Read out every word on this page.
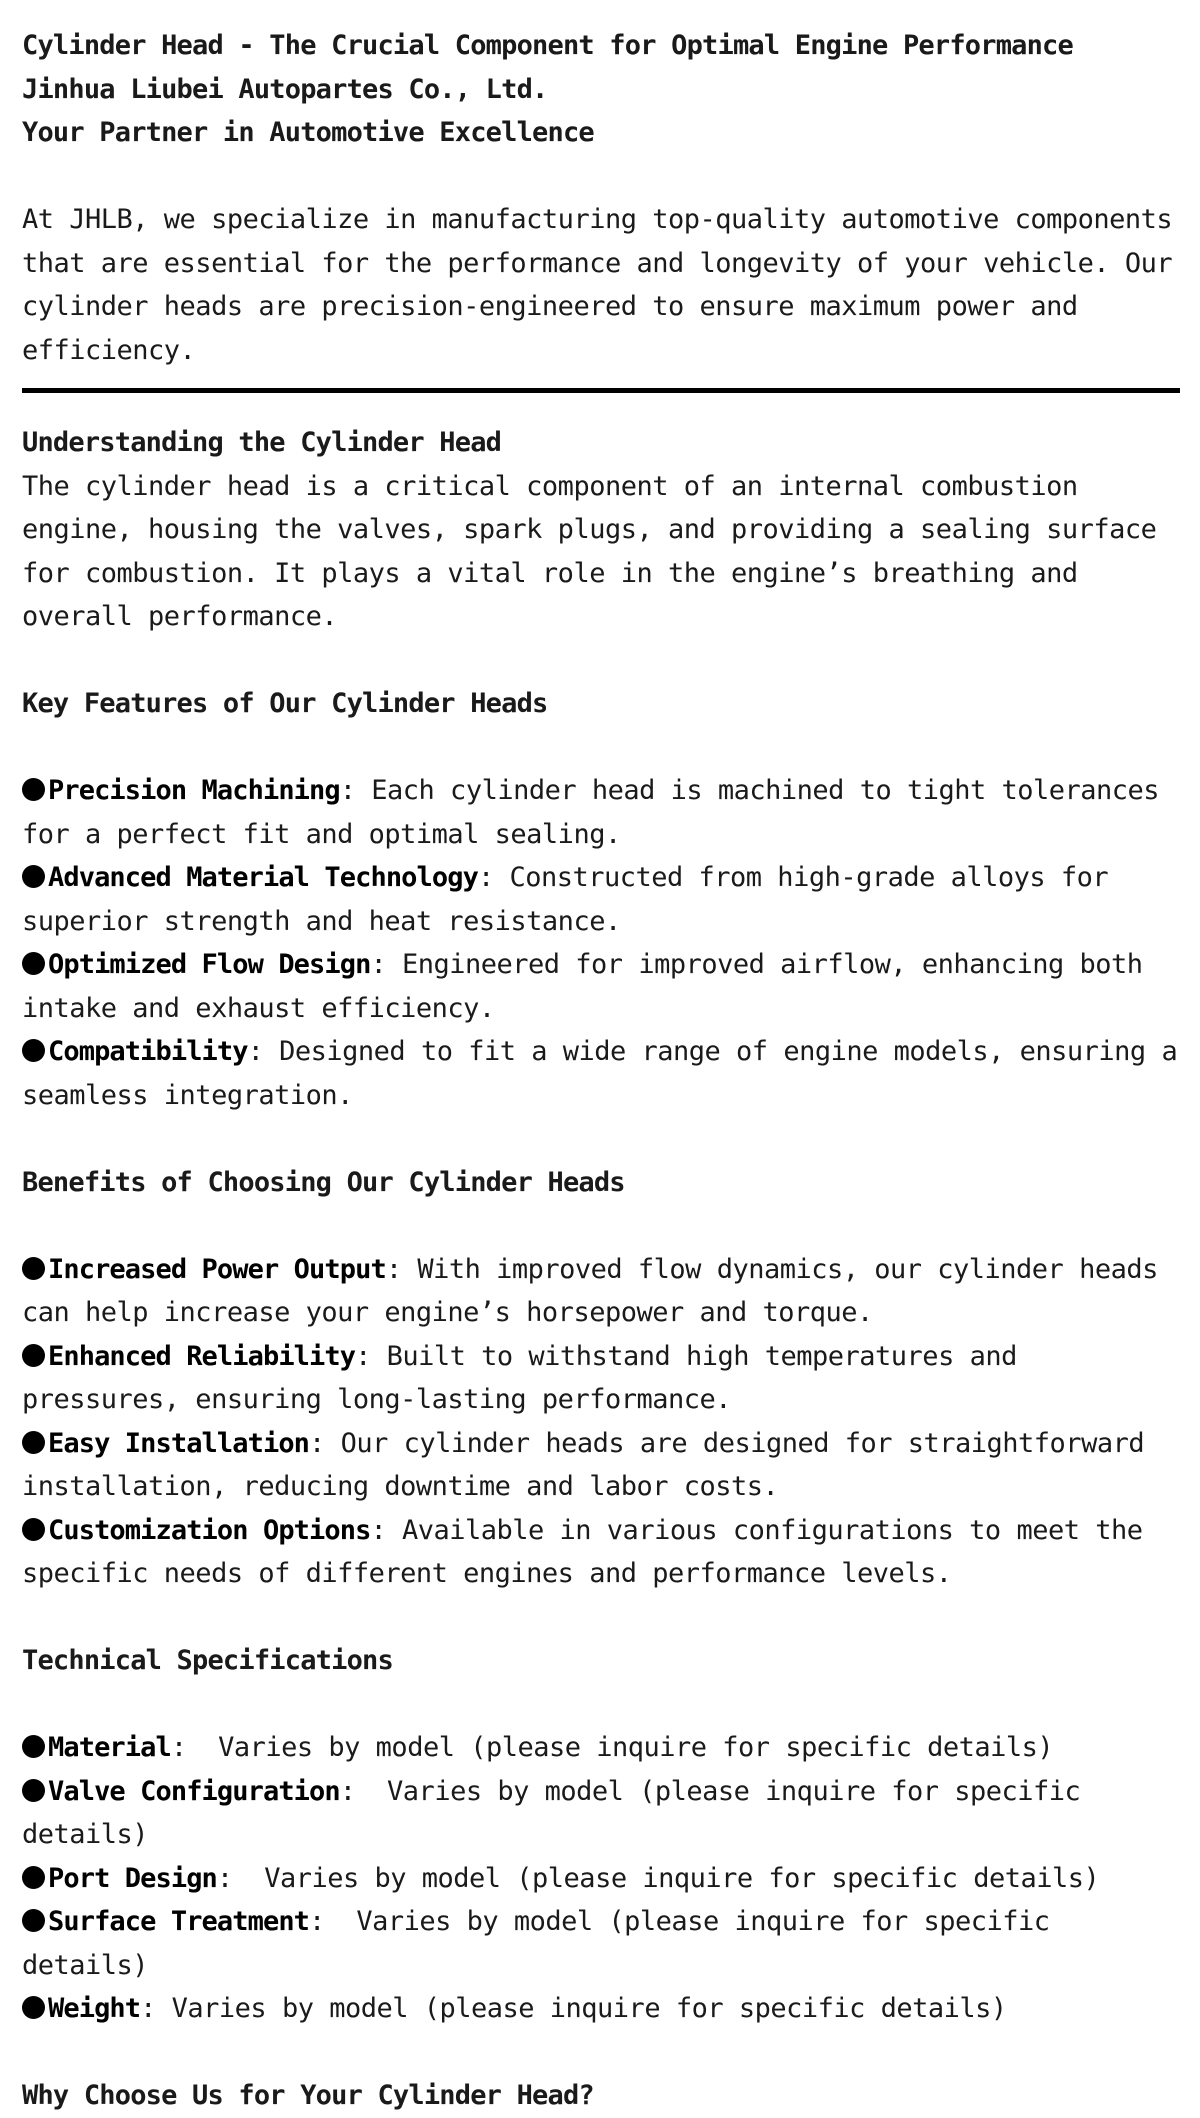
Cylinder Head - The Crucial Component for Optimal Engine Performance
Jinhua Liubei Autopartes Co., Ltd.
Your Partner in Automotive Excellence
At JHLB, we specialize in manufacturing top-quality automotive components that are essential for the performance and longevity of your vehicle. Our cylinder heads are precision-engineered to ensure maximum power and efficiency.
Understanding the Cylinder Head
The cylinder head is a critical component of an internal combustion engine, housing the valves, spark plugs, and providing a sealing surface for combustion. It plays a vital role in the engine’s breathing and overall performance.
Key Features of Our Cylinder Heads
Precision Machining: Each cylinder head is machined to tight tolerances for a perfect fit and optimal sealing.
Advanced Material Technology: Constructed from high-grade alloys for superior strength and heat resistance.
Optimized Flow Design: Engineered for improved airflow, enhancing both intake and exhaust efficiency.
Compatibility: Designed to fit a wide range of engine models, ensuring a seamless integration.
Benefits of Choosing Our Cylinder Heads
Increased Power Output: With improved flow dynamics, our cylinder heads can help increase your engine’s horsepower and torque.
Enhanced Reliability: Built to withstand high temperatures and pressures, ensuring long-lasting performance.
Easy Installation: Our cylinder heads are designed for straightforward installation, reducing downtime and labor costs.
Customization Options: Available in various configurations to meet the specific needs of different engines and performance levels.
Technical Specifications
Material:  Varies by model (please inquire for specific details)
Valve Configuration:  Varies by model (please inquire for specific details)
Port Design:  Varies by model (please inquire for specific details)
Surface Treatment:  Varies by model (please inquire for specific details)
Weight: Varies by model (please inquire for specific details)
Why Choose Us for Your Cylinder Head?
